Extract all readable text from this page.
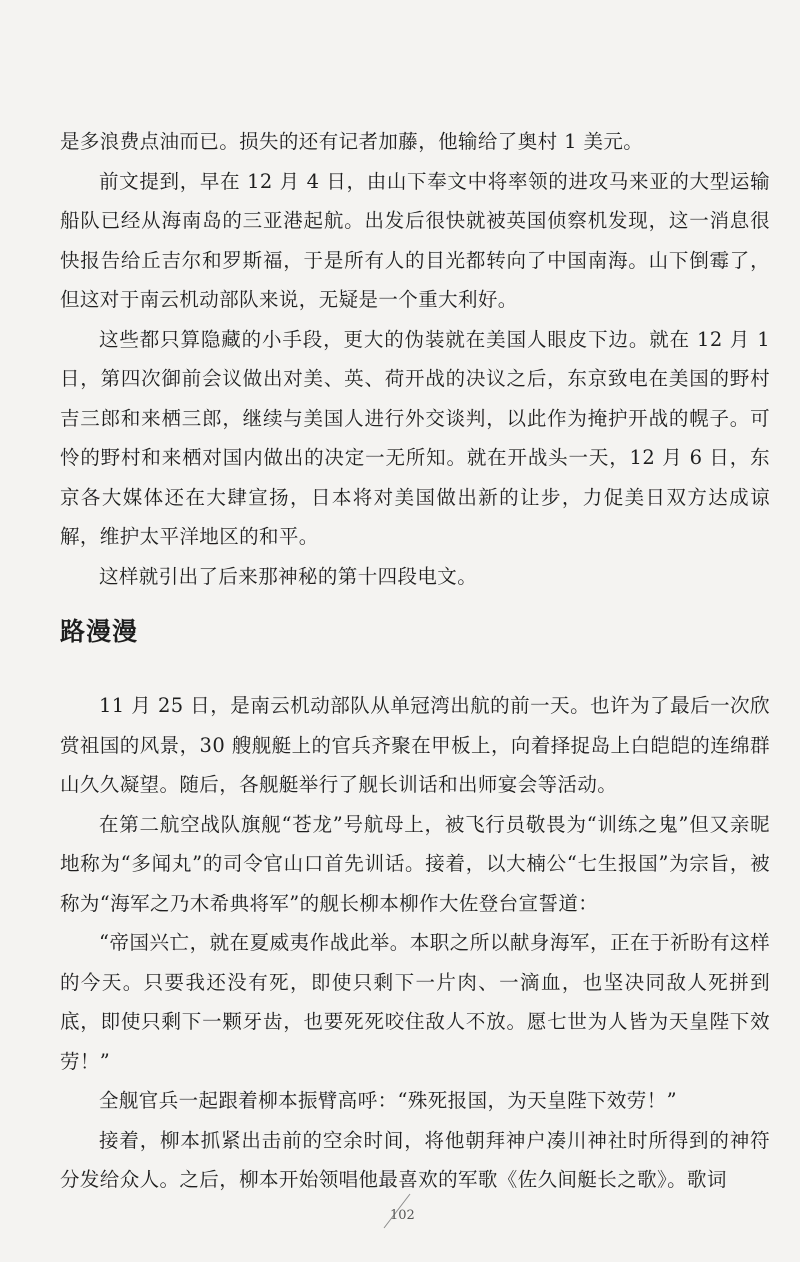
是多浪费点油而已。损失的还有记者加藤，他输给了奥村 1 美元。

前文提到，早在 12 月 4 日，由山下奉文中将率领的进攻马来亚的大型运输船队已经从海南岛的三亚港起航。出发后很快就被英国侦察机发现，这一消息很快报告给丘吉尔和罗斯福，于是所有人的目光都转向了中国南海。山下倒霉了，但这对于南云机动部队来说，无疑是一个重大利好。

这些都只算隐藏的小手段，更大的伪装就在美国人眼皮下边。就在 12 月 1 日，第四次御前会议做出对美、英、荷开战的决议之后，东京致电在美国的野村吉三郎和来栖三郎，继续与美国人进行外交谈判，以此作为掩护开战的幌子。可怜的野村和来栖对国内做出的决定一无所知。就在开战头一天，12 月 6 日，东京各大媒体还在大肆宣扬，日本将对美国做出新的让步，力促美日双方达成谅解，维护太平洋地区的和平。

这样就引出了后来那神秘的第十四段电文。

路漫漫

11 月 25 日，是南云机动部队从单冠湾出航的前一天。也许为了最后一次欣赏祖国的风景，30 艘舰艇上的官兵齐聚在甲板上，向着择捉岛上白皑皑的连绵群山久久凝望。随后，各舰艇举行了舰长训话和出师宴会等活动。

在第二航空战队旗舰“苍龙”号航母上，被飞行员敬畏为“训练之鬼”但又亲昵地称为“多闻丸”的司令官山口首先训话。接着，以大楠公“七生报国”为宗旨，被称为“海军之乃木希典将军”的舰长柳本柳作大佐登台宣誓道：

“帝国兴亡，就在夏威夷作战此举。本职之所以献身海军，正在于祈盼有这样的今天。只要我还没有死，即使只剩下一片肉、一滴血，也坚决同敌人死拼到底，即使只剩下一颗牙齿，也要死死咬住敌人不放。愿七世为人皆为天皇陛下效劳！”

全舰官兵一起跟着柳本振臂高呼：“殊死报国，为天皇陛下效劳！”

接着，柳本抓紧出击前的空余时间，将他朝拜神户凑川神社时所得到的神符分发给众人。之后，柳本开始领唱他最喜欢的军歌《佐久间艇长之歌》。歌词

102
